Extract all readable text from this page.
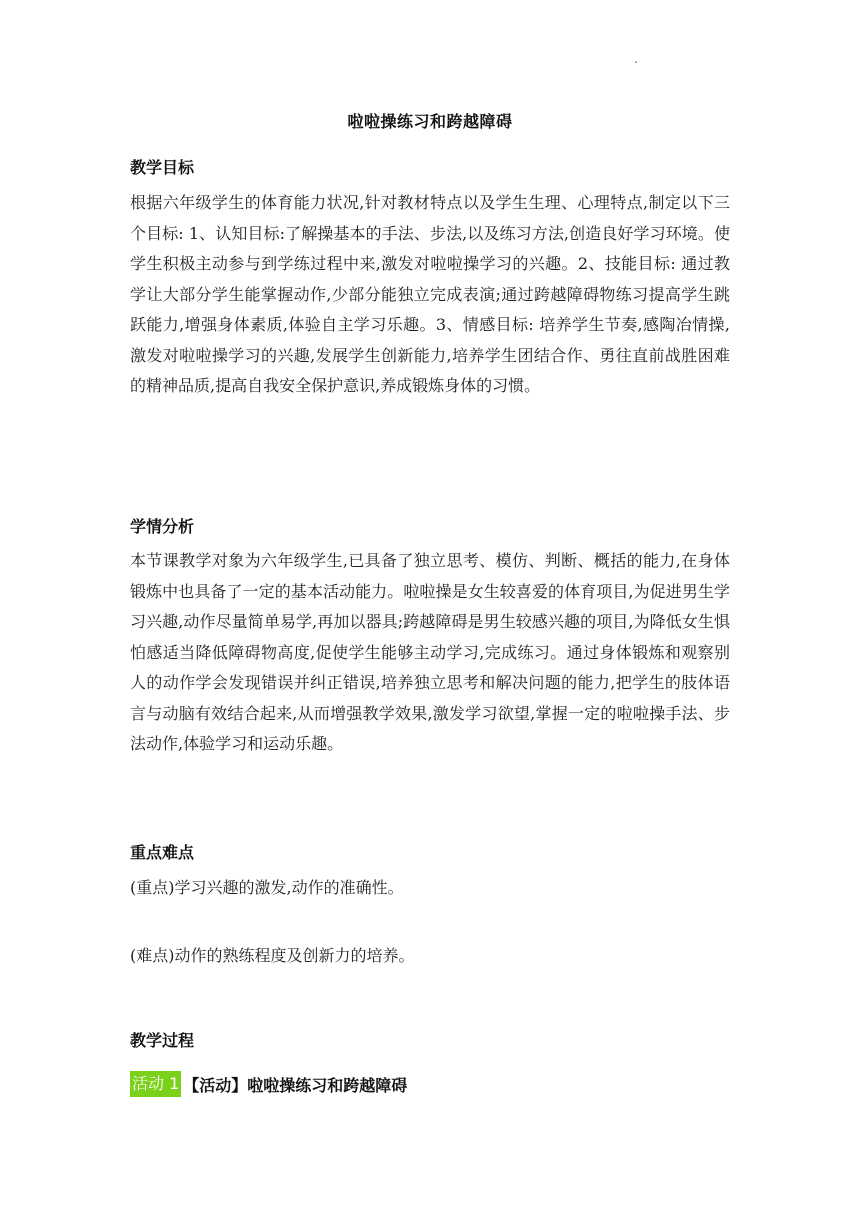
.
啦啦操练习和跨越障碍
教学目标

根据六年级学生的体育能力状况,针对教材特点以及学生生理、心理特点,制定以下三个目标: 1、认知目标:了解操基本的手法、步法,以及练习方法,创造良好学习环境。使学生积极主动参与到学练过程中来,激发对啦啦操学习的兴趣。2、技能目标: 通过教学让大部分学生能掌握动作,少部分能独立完成表演;通过跨越障碍物练习提高学生跳跃能力,增强身体素质,体验自主学习乐趣。3、情感目标: 培养学生节奏,感陶冶情操,激发对啦啦操学习的兴趣,发展学生创新能力,培养学生团结合作、勇往直前战胜困难的精神品质,提高自我安全保护意识,养成锻炼身体的习惯。

学情分析

本节课教学对象为六年级学生,已具备了独立思考、模仿、判断、概括的能力,在身体锻炼中也具备了一定的基本活动能力。啦啦操是女生较喜爱的体育项目,为促进男生学习兴趣,动作尽量简单易学,再加以器具;跨越障碍是男生较感兴趣的项目,为降低女生惧怕感适当降低障碍物高度,促使学生能够主动学习,完成练习。通过身体锻炼和观察别人的动作学会发现错误并纠正错误,培养独立思考和解决问题的能力,把学生的肢体语言与动脑有效结合起来,从而增强教学效果,激发学习欲望,掌握一定的啦啦操手法、步法动作,体验学习和运动乐趣。

重点难点

(重点)学习兴趣的激发,动作的准确性。

(难点)动作的熟练程度及创新力的培养。

教学过程
活动 1 【活动】啦啦操练习和跨越障碍
